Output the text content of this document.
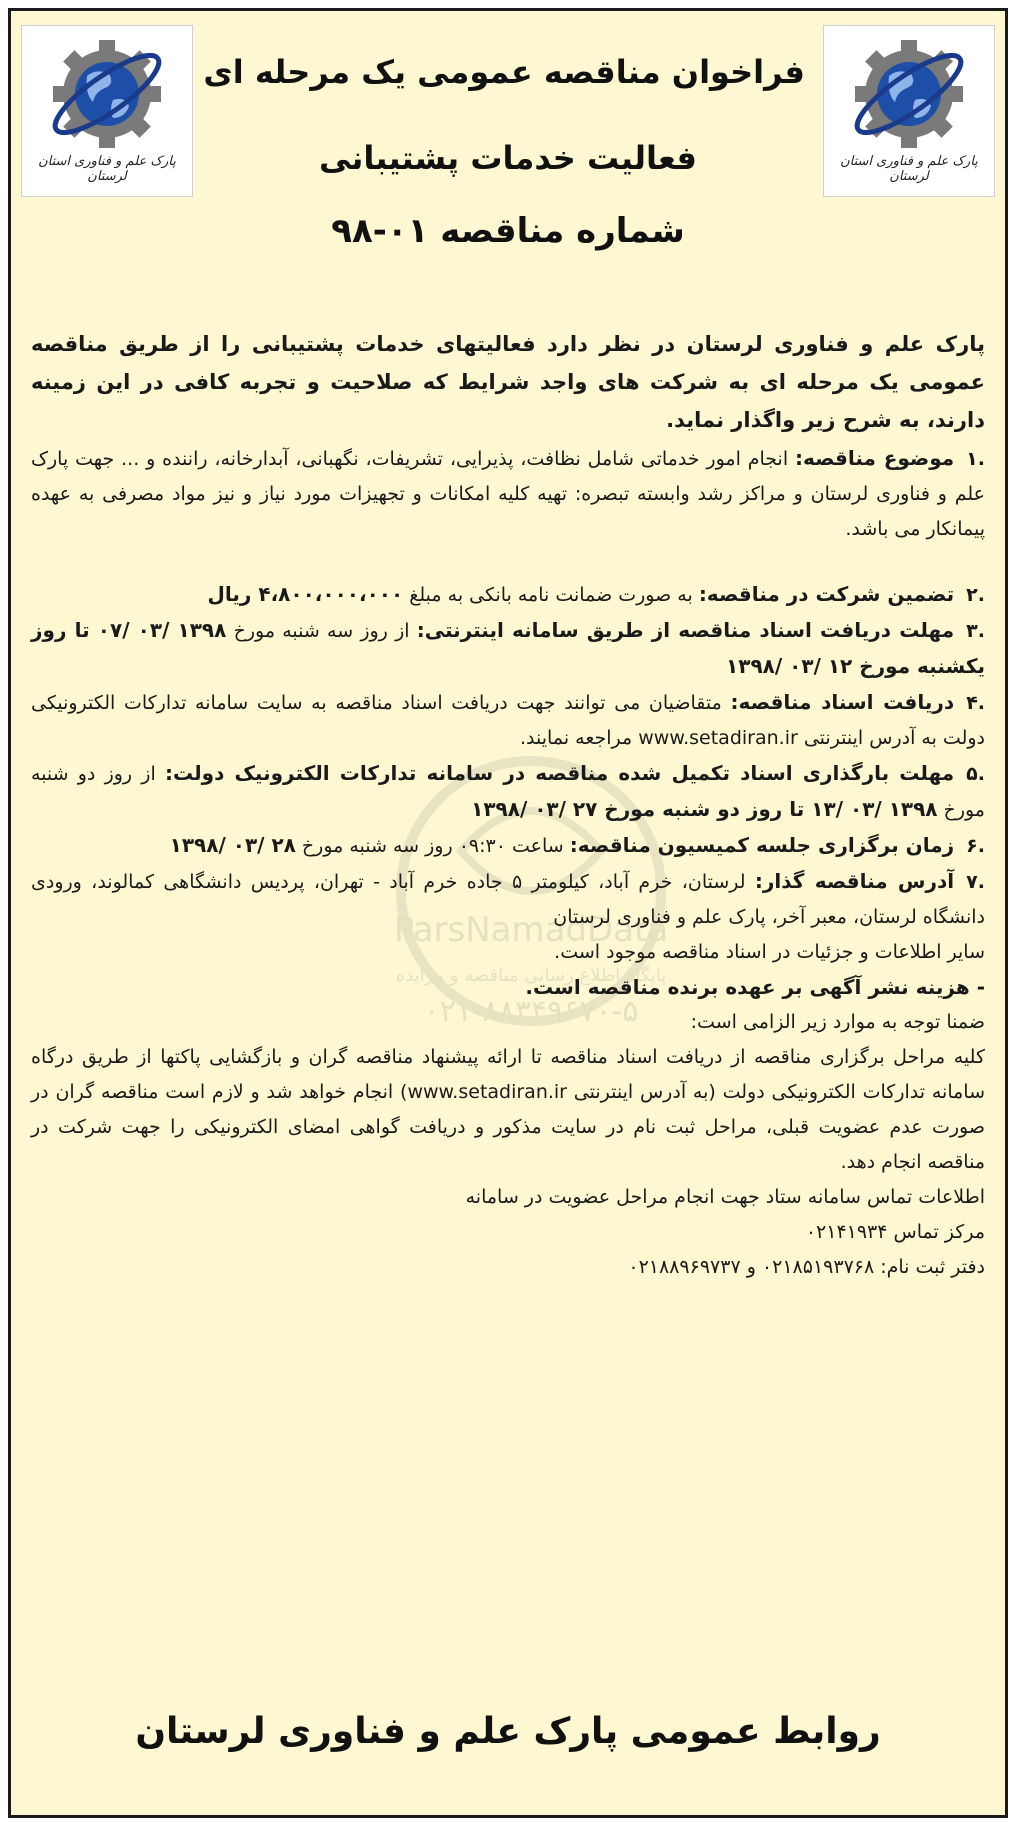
پارک علم و فناوری استان لرستان
پارک علم و فناوری استان لرستان
فراخوان مناقصه عمومی یک مرحله ای
فعالیت خدمات پشتیبانی
شماره مناقصه ۰۱-۹۸
ParsNamadData
پایگاه اطلاع رسانی مناقصه و مزایده
۰۲۱-۸۸۳۴۹۶۷۰-۵

پارک علم و فناوری لرستان در نظر دارد فعالیتهای خدمات پشتیبانی را از طریق مناقصه عمومی یک مرحله ای به شرکت های واجد شرایط که صلاحیت و تجربه کافی در این زمینه دارند، به شرح زیر واگذار نماید.

.۱موضوع مناقصه: انجام امور خدماتی شامل نظافت، پذیرایی، تشریفات، نگهبانی، آبدارخانه، راننده و ... جهت پارک علم و فناوری لرستان و مراکز رشد وابسته تبصره: تهیه کلیه امکانات و تجهیزات مورد نیاز و نیز مواد مصرفی به عهده پیمانکار می باشد.

.۲تضمین شرکت در مناقصه: به صورت ضمانت نامه بانکی به مبلغ ۴،۸۰۰،۰۰۰،۰۰۰ ریال

.۳مهلت دریافت اسناد مناقصه از طریق سامانه اینترنتی: از روز سه شنبه مورخ ۱۳۹۸ /۰۳ /۰۷ تا روز یکشنبه مورخ ۱۲ /۰۳ /۱۳۹۸

.۴دریافت اسناد مناقصه: متقاضیان می توانند جهت دریافت اسناد مناقصه به سایت سامانه تدارکات الکترونیکی دولت به آدرس اینترنتی www.setadiran.ir مراجعه نمایند.

.۵مهلت بارگذاری اسناد تکمیل شده مناقصه در سامانه تدارکات الکترونیک دولت: از روز دو شنبه مورخ ۱۳۹۸ /۰۳ /۱۳ تا روز دو شنبه مورخ ۲۷ /۰۳ /۱۳۹۸

.۶زمان برگزاری جلسه کمیسیون مناقصه: ساعت ۰۹:۳۰ روز سه شنبه مورخ ۲۸ /۰۳ /۱۳۹۸

.۷آدرس مناقصه گذار: لرستان، خرم آباد، کیلومتر ۵ جاده خرم آباد - تهران، پردیس دانشگاهی کمالوند، ورودی دانشگاه لرستان، معبر آخر، پارک علم و فناوری لرستان

سایر اطلاعات و جزئیات در اسناد مناقصه موجود است.

- هزینه نشر آگهی بر عهده برنده مناقصه است.

ضمنا توجه به موارد زیر الزامی است:

کلیه مراحل برگزاری مناقصه از دریافت اسناد مناقصه تا ارائه پیشنهاد مناقصه گران و بازگشایی پاکتها از طریق درگاه سامانه تدارکات الکترونیکی دولت (به آدرس اینترنتی www.setadiran.ir) انجام خواهد شد و لازم است مناقصه گران در صورت عدم عضویت قبلی، مراحل ثبت نام در سایت مذکور و دریافت گواهی امضای الکترونیکی را جهت شرکت در مناقصه انجام دهد.

اطلاعات تماس سامانه ستاد جهت انجام مراحل عضویت در سامانه

مرکز تماس ۰۲۱۴۱۹۳۴

دفتر ثبت نام: ۰۲۱۸۵۱۹۳۷۶۸ و ۰۲۱۸۸۹۶۹۷۳۷

روابط عمومی پارک علم و فناوری لرستان
